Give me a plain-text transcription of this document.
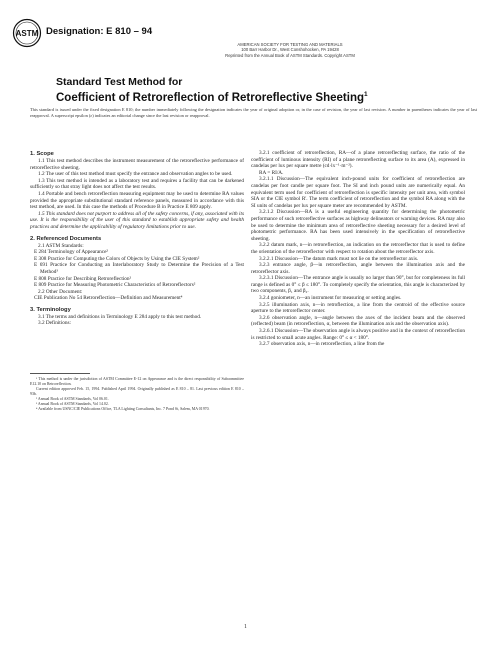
ASTM Designation: E 810 – 94
AMERICAN SOCIETY FOR TESTING AND MATERIALS
100 Barr Harbor Dr., West Conshohocken, PA 19428
Reprinted from the Annual Book of ASTM Standards. Copyright ASTM
Standard Test Method for
Coefficient of Retroreflection of Retroreflective Sheeting$^1$
This standard is issued under the fixed designation E 810; the number immediately following the designation indicates the year of original adoption or, in the case of revision, the year of last revision. A number in parentheses indicates the year of last reapproval. A superscript epsilon (ε) indicates an editorial change since the last revision or reapproval.
1. Scope

1.1 This test method describes the instrument measurement of the retroreflective performance of retroreflective sheeting.

1.2 The user of this test method must specify the entrance and observation angles to be used.

1.3 This test method is intended as a laboratory test and requires a facility that can be darkened sufficiently so that stray light does not affect the test results.

1.4 Portable and bench retroreflection measuring equipment may be used to determine RA values provided the appropriate substitutional standard reference panels, measured in accordance with this test method, are used. In this case the methods of Procedure B in Practice E 809 apply.

1.5 This standard does not purport to address all of the safety concerns, if any, associated with its use. It is the responsibility of the user of this standard to establish appropriate safety and health practices and determine the applicability of regulatory limitations prior to use.

2. Referenced Documents

2.1 ASTM Standards:

E 284 Terminology of Appearance²

E 308 Practice for Computing the Colors of Objects by Using the CIE System²

E 691 Practice for Conducting an Interlaboratory Study to Determine the Precision of a Test Method³

E 808 Practice for Describing Retroreflection²

E 809 Practice for Measuring Photometric Characteristics of Retroreflectors²

2.2 Other Document:

CIE Publication No 54 Retroreflection—Definition and Measurement⁴

3. Terminology

3.1 The terms and definitions in Terminology E 284 apply to this test method.

3.2 Definitions:

¹ This method is under the jurisdiction of ASTM Committee E-12 on Appearance and is the direct responsibility of Subcommittee E12.10 on Retroreflection.

Current edition approved Feb. 15, 1994. Published April 1994. Originally published as E 810 – 81. Last previous edition E 810 – 93b.

² Annual Book of ASTM Standards, Vol 06.01.

³ Annual Book of ASTM Standards, Vol 14.02.

⁴ Available from USNC/CIE Publications Office, TLA Lighting Consultants, Inc. 7 Pond St, Salem, MA 01970.

3.2.1 coefficient of retroreflection, RA—of a plane retroreflecting surface, the ratio of the coefficient of luminous intensity (RI) of a plane retroreflecting surface to its area (A), expressed in candelas per lux per square metre (cd·lx⁻¹·m⁻²).

RA = RI/A.

3.2.1.1 Discussion—The equivalent inch-pound units for coefficient of retroreflection are candelas per foot candle per square foot. The SI and inch pound units are numerically equal. An equivalent term used for coefficient of retroreflection is specific intensity per unit area, with symbol SIA or the CIE symbol R'. The term coefficient of retroreflection and the symbol RA along with the SI units of candelas per lux per square meter are recommended by ASTM.

3.2.1.2 Discussion—RA is a useful engineering quantity for determining the photometric performance of such retroreflective surfaces as highway delineators or warning devices. RA may also be used to determine the minimum area of retroreflective sheeting necessary for a desired level of photometric performance. RA has been used intensively in the specification of retroreflective sheeting.

3.2.2 datum mark, n—in retroreflection, an indication on the retroreflector that is used to define the orientation of the retroreflector with respect to rotation about the retroreflector axis.

3.2.2.1 Discussion—The datum mark must not lie on the retroreflector axis.

3.2.3 entrance angle, β—in retroreflection, angle between the illumination axis and the retroreflector axis.

3.2.3.1 Discussion—The entrance angle is usually no larger than 90°, but for completeness its full range is defined as 0° ≤ β ≤ 180°. To completely specify the orientation, this angle is characterized by two components, β₁ and β₂.

3.2.4 goniometer, n—an instrument for measuring or setting angles.

3.2.5 illumination axis, n—in retroflection, a line from the centroid of the effective source aperture to the retroreflector center.

3.2.6 observation angle, n—angle between the axes of the incident beam and the observed (reflected) beam (in retroreflection, α, between the illumination axis and the observation axis).

3.2.6.1 Discussion—The observation angle is always positive and in the context of retroreflection is restricted to small acute angles. Range: 0° ≤ α < 180°.

3.2.7 observation axis, n—in retroreflection, a line from the

1
